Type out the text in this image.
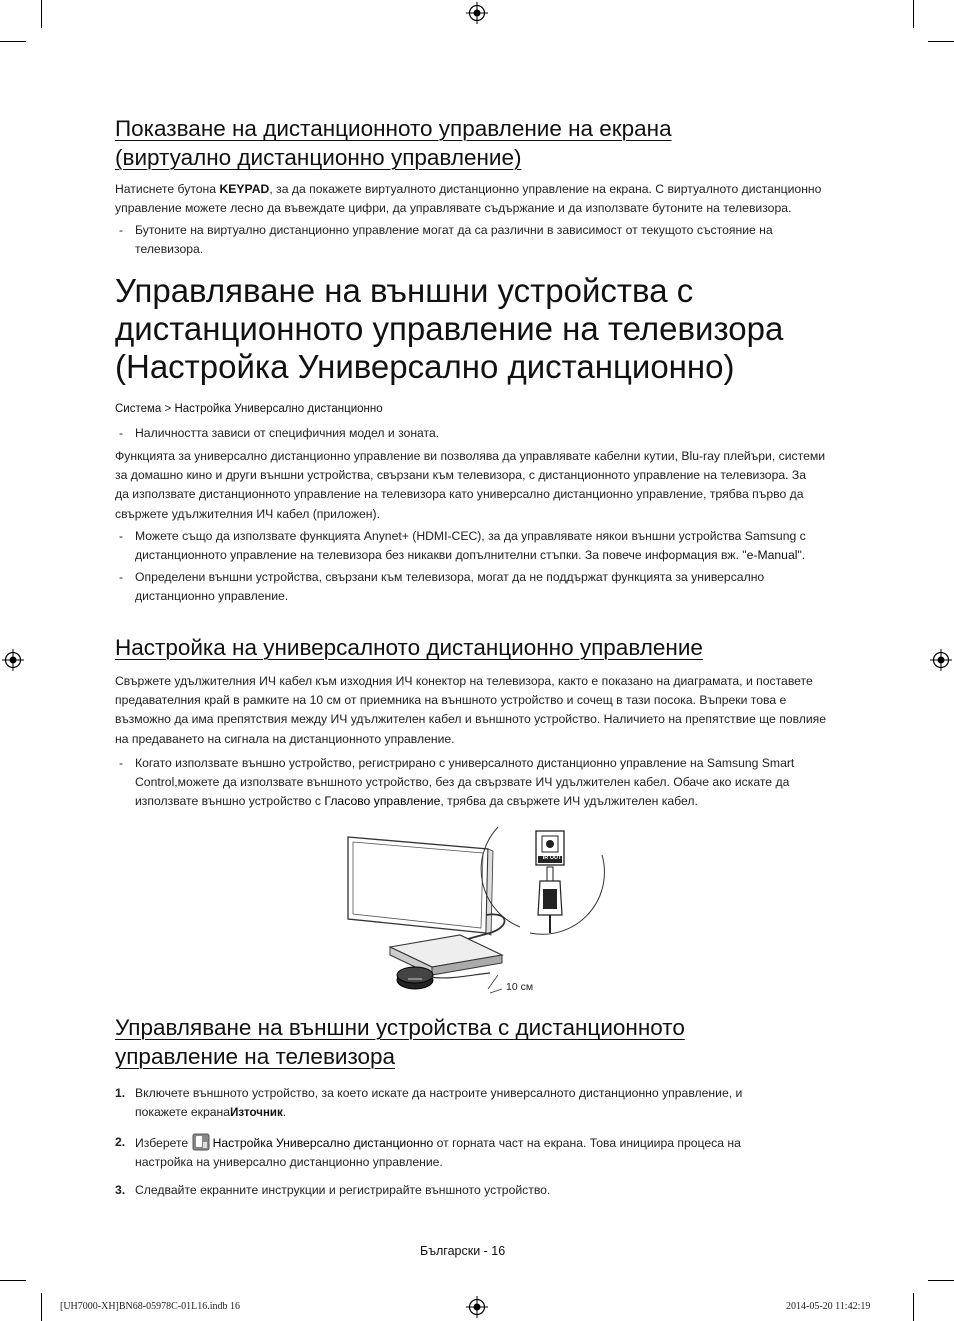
Показване на дистанционното управление на екрана
(виртуално дистанционно управление)
Натиснете бутона KEYPAD, за да покажете виртуалното дистанционно управление на екрана. С виртуалното дистанционно
управление можете лесно да въвеждате цифри, да управлявате съдържание и да използвате бутоните на телевизора.
- Бутоните на виртуално дистанционно управление могат да са различни в зависимост от текущото състояние на
телевизора.
Управляване на външни устройства с
дистанционното управление на телевизора
(Настройка Универсално дистанционно)
Система > Настройка Универсално дистанционно
- Наличността зависи от специфичния модел и зоната.
Функцията за универсално дистанционно управление ви позволява да управлявате кабелни кутии, Blu-ray плейъри, системи
за домашно кино и други външни устройства, свързани към телевизора, с дистанционното управление на телевизора. За
да използвате дистанционното управление на телевизора като универсално дистанционно управление, трябва първо да
свържете удължителния ИЧ кабел (приложен).
- Можете също да използвате функцията Anynet+ (HDMI-CEC), за да управлявате някои външни устройства Samsung с
дистанционното управление на телевизора без никакви допълнителни стъпки. За повече информация вж. "e-Manual".
- Определени външни устройства, свързани към телевизора, могат да не поддържат функцията за универсално
дистанционно управление.
Настройка на универсалното дистанционно управление
Свържете удължителния ИЧ кабел към изходния ИЧ конектор на телевизора, както е показано на диаграмата, и поставете
предавателния край в рамките на 10 см от приемника на външното устройство и сочещ в тази посока. Въпреки това е
възможно да има препятствия между ИЧ удължителен кабел и външното устройство. Наличието на препятствие ще повлияе
на предаването на сигнала на дистанционното управление.
- Когато използвате външно устройство, регистрирано с универсалното дистанционно управление на Samsung Smart
Control,можете да използвате външното устройство, без да свързвате ИЧ удължителен кабел. Обаче ако искате да
използвате външно устройство с Гласово управление, трябва да свържете ИЧ удължителен кабел.
IR OUT
10 см
Управляване на външни устройства с дистанционното
управление на телевизора
1. Включете външното устройство, за което искате да настроите универсалното дистанционно управление, и
покажете екранаИзточник.
2. Изберете Настройка Универсално дистанционно от горната част на екрана. Това инициира процеса на
настройка на универсално дистанционно управление.
3. Следвайте екранните инструкции и регистрирайте външното устройство.
Български - 16
[UH7000-XH]BN68-05978C-01L16.indb 16	2014-05-20 11:42:19
